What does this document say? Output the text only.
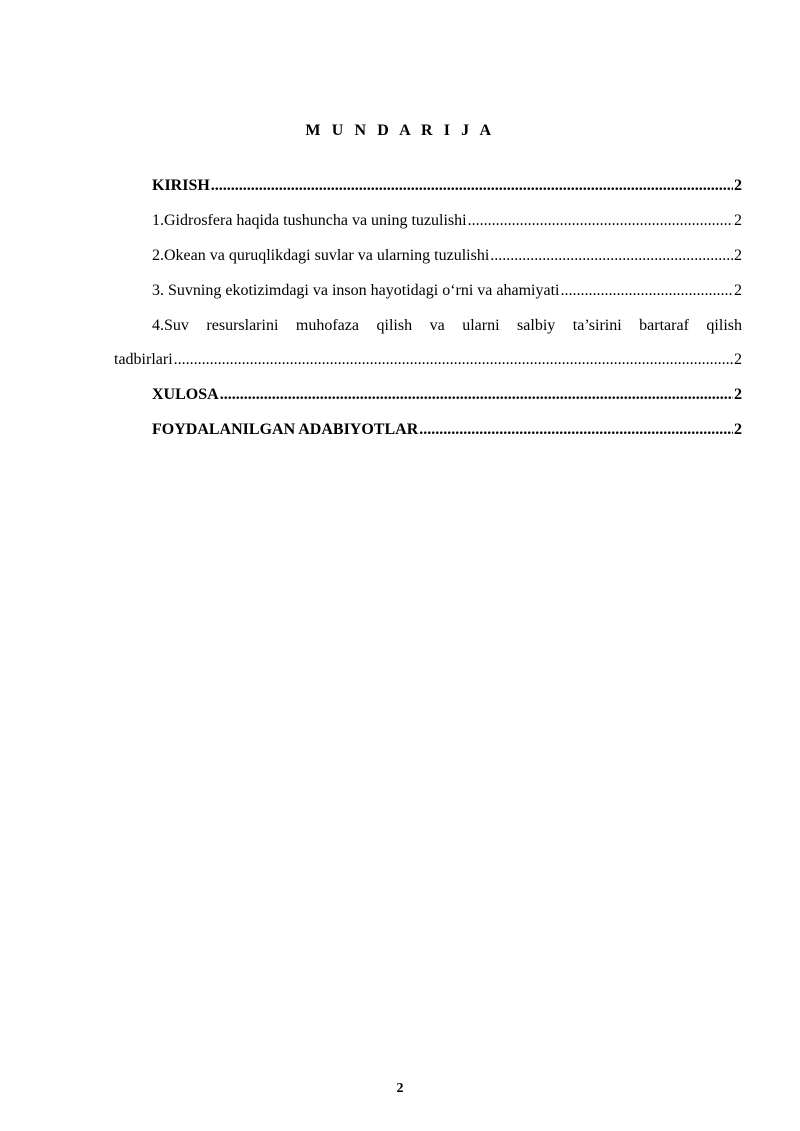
M U N D A R I J A
KIRISH .....	2
1.Gidrosfera haqida tushuncha va uning tuzulishi .....	2
2.Okean va quruqlikdagi suvlar va ularning tuzulishi .....	2
3. Suvning ekotizimdagi va inson hayotidagi o‘rni va ahamiyati .....	2
4.Suv resurslarini muhofaza qilish va ularni salbiy ta’sirini bartaraf qilish
tadbirlari .....	2
XULOSA .....	2
FOYDALANILGAN ADABIYOTLAR .....	2
2
